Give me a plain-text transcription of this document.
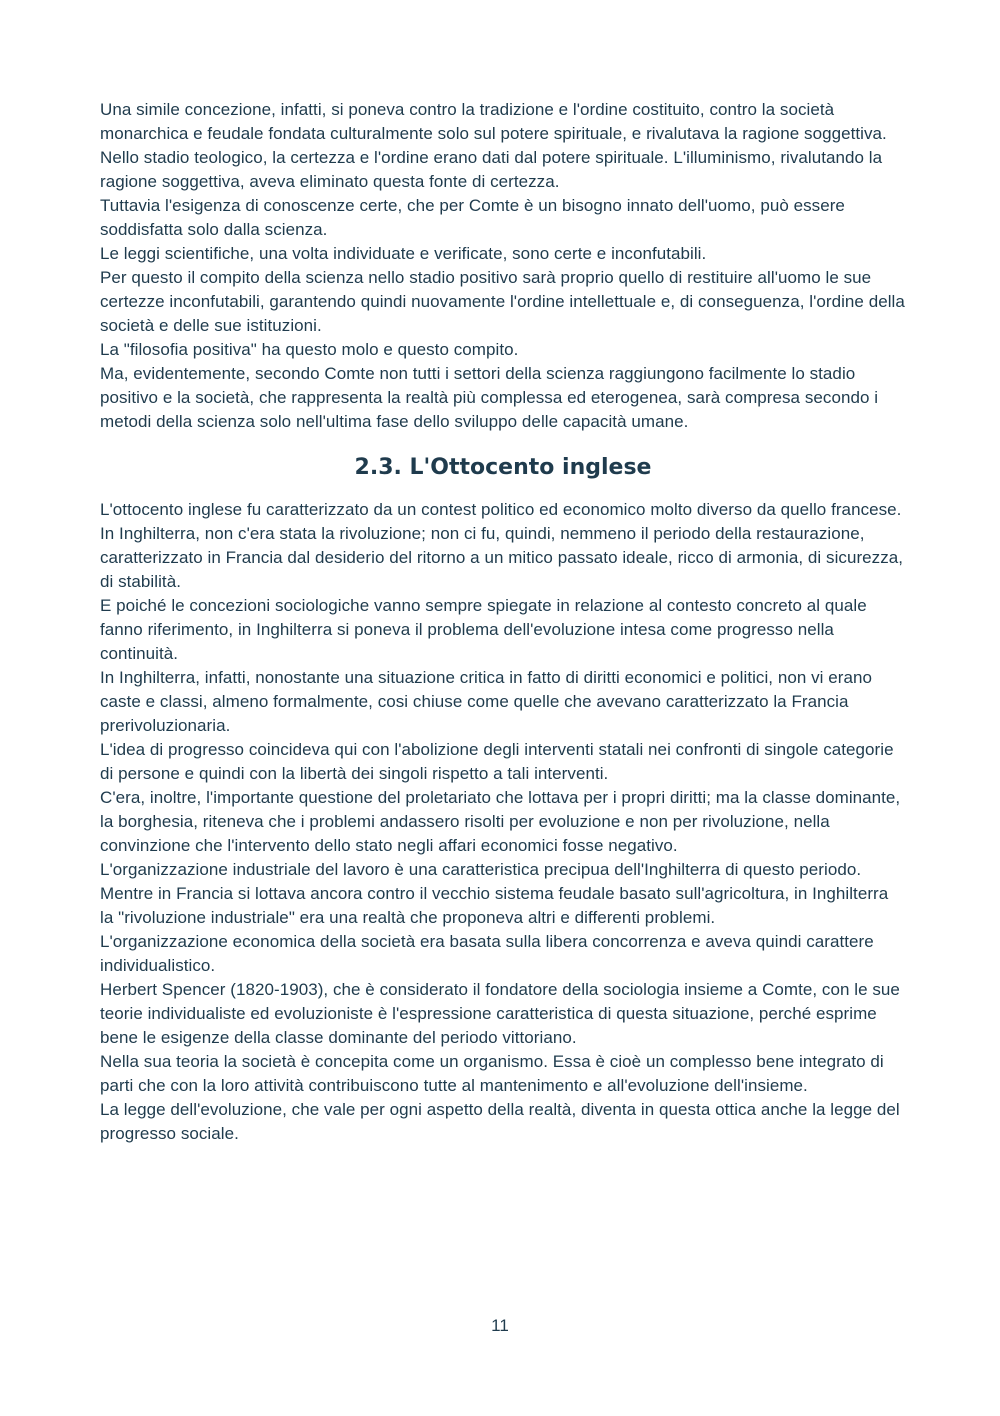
Una simile concezione, infatti, si poneva contro la tradizione e l'ordine costituito, contro la società monarchica e feudale fondata culturalmente solo sul potere spirituale, e rivalutava la ragione soggettiva.

Nello stadio teologico, la certezza e l'ordine erano dati dal potere spirituale. L'illuminismo, rivalutando la ragione soggettiva, aveva eliminato questa fonte di certezza.

Tuttavia l'esigenza di conoscenze certe, che per Comte è un bisogno innato dell'uomo, può essere soddisfatta solo dalla scienza.

Le leggi scientifiche, una volta individuate e verificate, sono certe e inconfutabili.

Per questo il compito della scienza nello stadio positivo sarà proprio quello di restituire all'uomo le sue certezze inconfutabili, garantendo quindi nuovamente l'ordine intellettuale e, di conseguenza, l'ordine della società e delle sue istituzioni.

La "filosofia positiva" ha questo molo e questo compito.

Ma, evidentemente, secondo Comte non tutti i settori della scienza raggiungono facilmente lo stadio positivo e la società, che rappresenta la realtà più complessa ed eterogenea, sarà compresa secondo i metodi della scienza solo nell'ultima fase dello sviluppo delle capacità umane.

2.3. L'Ottocento inglese

L'ottocento inglese fu caratterizzato da un contest politico ed economico molto diverso da quello francese.

In Inghilterra, non c'era stata la rivoluzione; non ci fu, quindi, nemmeno il periodo della restaurazione, caratterizzato in Francia dal desiderio del ritorno a un mitico passato ideale, ricco di armonia, di sicurezza, di stabilità.

E poiché le concezioni sociologiche vanno sempre spiegate in relazione al contesto concreto al quale fanno riferimento, in Inghilterra si poneva il problema dell'evoluzione intesa come progresso nella continuità.

In Inghilterra, infatti, nonostante una situazione critica in fatto di diritti economici e politici, non vi erano caste e classi, almeno formalmente, cosi chiuse come quelle che avevano caratterizzato la Francia prerivoluzionaria.

L'idea di progresso coincideva qui con l'abolizione degli interventi statali nei confronti di singole categorie di persone e quindi con la libertà dei singoli rispetto a tali interventi.

C'era, inoltre, l'importante questione del proletariato che lottava per i propri diritti; ma la classe dominante, la borghesia, riteneva che i problemi andassero risolti per evoluzione e non per rivoluzione, nella convinzione che l'intervento dello stato negli affari economici fosse negativo.

L'organizzazione industriale del lavoro è una caratteristica precipua dell'Inghilterra di questo periodo.

Mentre in Francia si lottava ancora contro il vecchio sistema feudale basato sull'agricoltura, in Inghilterra la "rivoluzione industriale" era una realtà che proponeva altri e differenti problemi.

L'organizzazione economica della società era basata sulla libera concorrenza e aveva quindi carattere individualistico.

Herbert Spencer (1820-1903), che è considerato il fondatore della sociologia insieme a Comte, con le sue teorie individualiste ed evoluzioniste è l'espressione caratteristica di questa situazione, perché esprime bene le esigenze della classe dominante del periodo vittoriano.

Nella sua teoria la società è concepita come un organismo. Essa è cioè un complesso bene integrato di parti che con la loro attività contribuiscono tutte al mantenimento e all'evoluzione dell'insieme.

La legge dell'evoluzione, che vale per ogni aspetto della realtà, diventa in questa ottica anche la legge del progresso sociale.

11
